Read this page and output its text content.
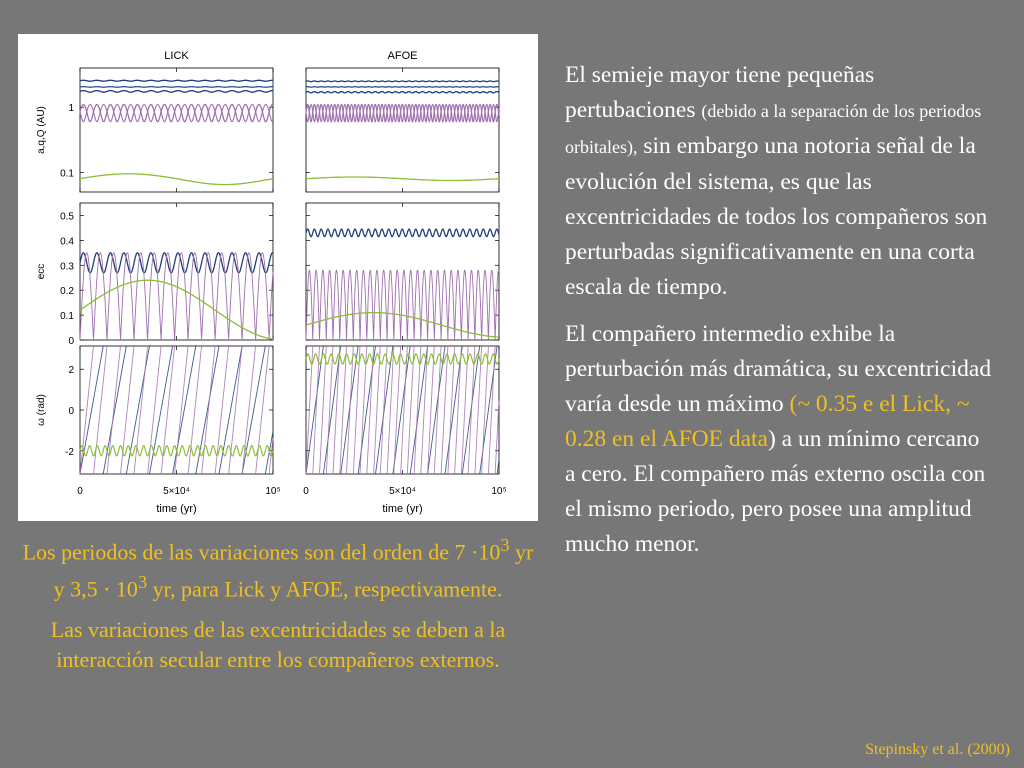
LICK	AFOE
a,q,Q (AU) 1
0.1
ecc
0.5
0.4
0.3
0.2
0.1
0
ω (rad)
2
0
-2
0	5×10⁴	10⁵
time (yr)
0	5×10⁴	10⁵
time (yr)

Los periodos de las variaciones son del orden de $7 \cdot 10^3$ yr y $3,5 \cdot 10^3$ yr, para Lick y AFOE, respectivamente.

Las variaciones de las excentricidades se deben a la interacción secular entre los compañeros externos.

El semieje mayor tiene pequeñas pertubaciones (debido a la separación de los periodos orbitales), sin embargo una notoria señal de la evolución del sistema, es que las excentricidades de todos los compañeros son perturbadas significativamente en una corta escala de tiempo.

El compañero intermedio exhibe la perturbación más dramática, su excentricidad varía desde un máximo (~ 0.35 e el Lick, ~ 0.28 en el AFOE data) a un mínimo cercano a cero. El compañero más externo oscila con el mismo periodo, pero posee una amplitud mucho menor.

Stepinsky et al. (2000)
